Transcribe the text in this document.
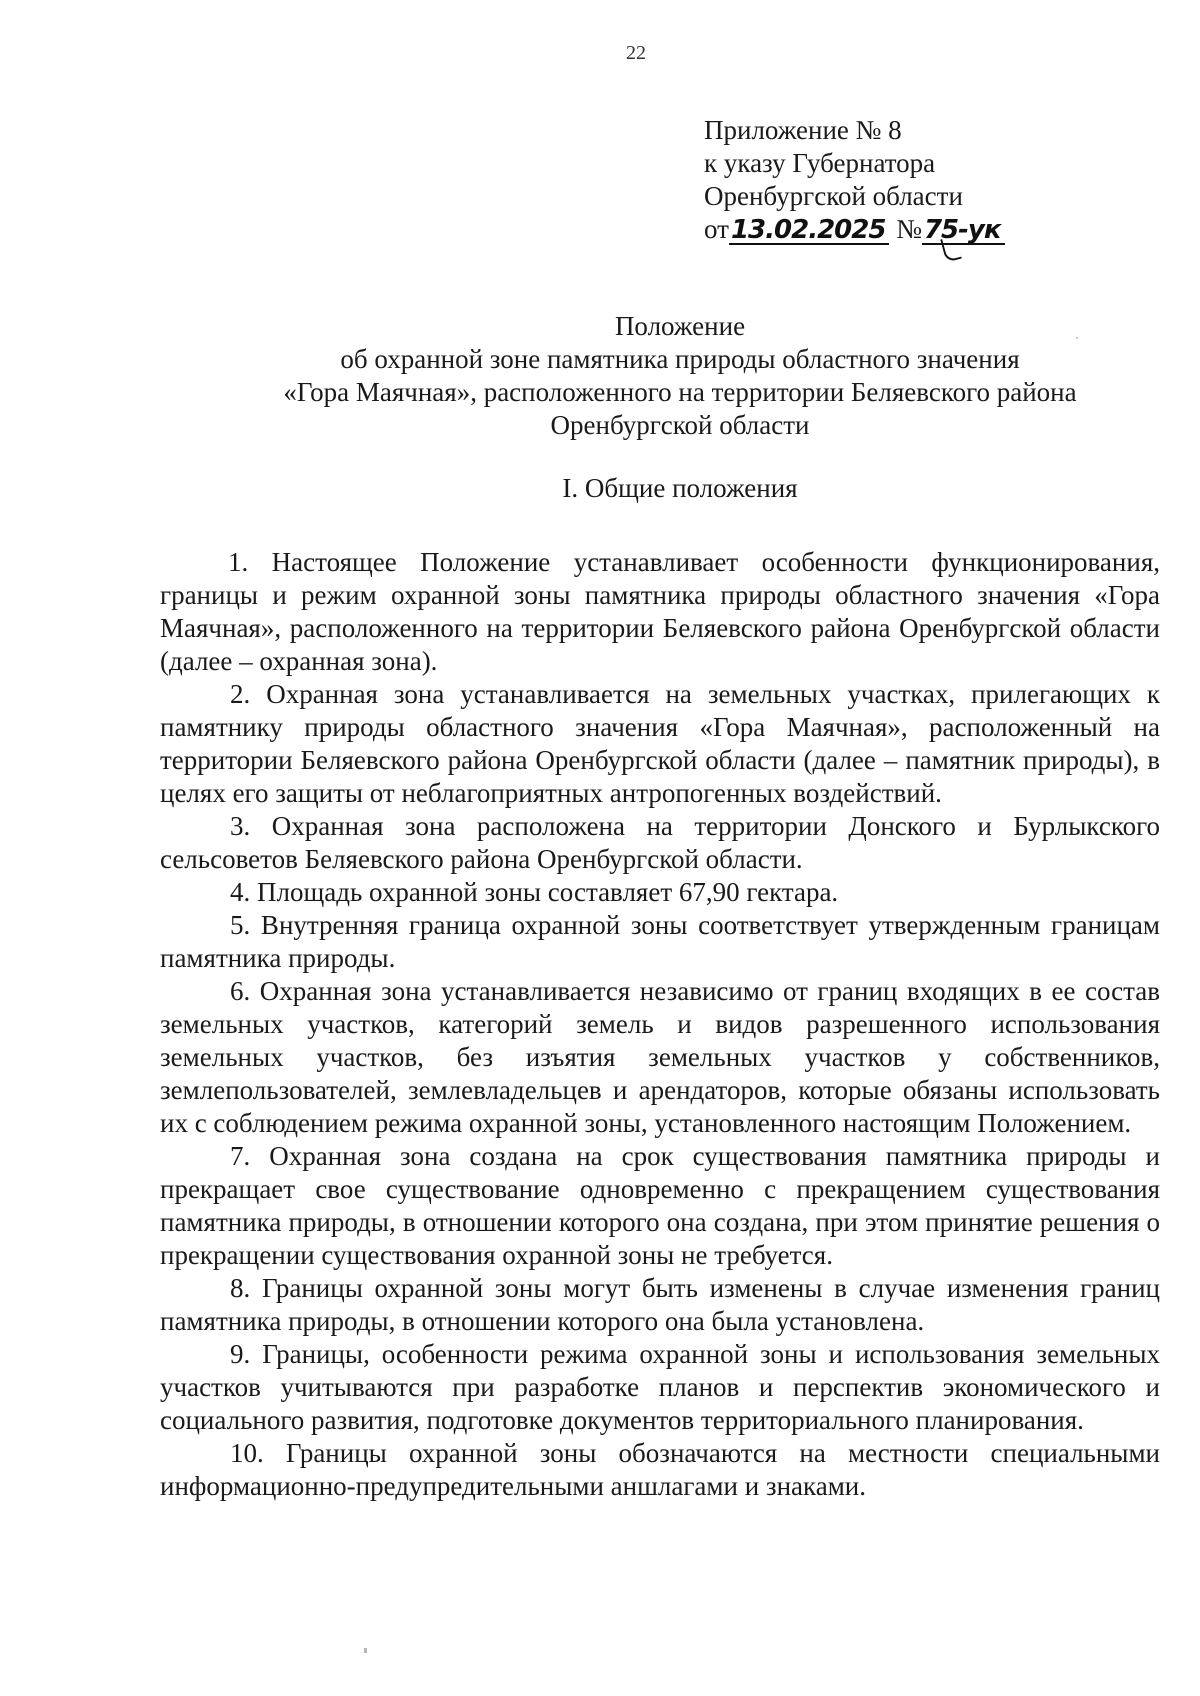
22
Приложение № 8
к указу Губернатора
Оренбургской области
от13.02.2025 №75-ук
Положение
об охранной зоне памятника природы областного значения
«Гора Маячная», расположенного на территории Беляевского района
Оренбургской области
I. Общие положения

1. Настоящее Положение устанавливает особенности функционирования, границы и режим охранной зоны памятника природы областного значения «Гора Маячная», расположенного на территории Беляевского района Оренбургской области (далее – охранная зона).

2. Охранная зона устанавливается на земельных участках, прилегающих к памятнику природы областного значения «Гора Маячная», расположенный на территории Беляевского района Оренбургской области (далее – памятник природы), в целях его защиты от неблагоприятных антропогенных воздействий.

3. Охранная зона расположена на территории Донского и Бурлыкского сельсоветов Беляевского района Оренбургской области.

4. Площадь охранной зоны составляет 67,90 гектара.

5. Внутренняя граница охранной зоны соответствует утвержденным границам памятника природы.

6. Охранная зона устанавливается независимо от границ входящих в ее состав земельных участков, категорий земель и видов разрешенного использования земельных участков, без изъятия земельных участков у собственников, землепользователей, землевладельцев и арендаторов, которые обязаны использовать их с соблюдением режима охранной зоны, установленного настоящим Положением.

7. Охранная зона создана на срок существования памятника природы и прекращает свое существование одновременно с прекращением существования памятника природы, в отношении которого она создана, при этом принятие решения о прекращении существования охранной зоны не требуется.

8. Границы охранной зоны могут быть изменены в случае изменения границ памятника природы, в отношении которого она была установлена.

9. Границы, особенности режима охранной зоны и использования земельных участков учитываются при разработке планов и перспектив экономического и социального развития, подготовке документов территориального планирования.

10. Границы охранной зоны обозначаются на местности специальными информационно-предупредительными аншлагами и знаками.
